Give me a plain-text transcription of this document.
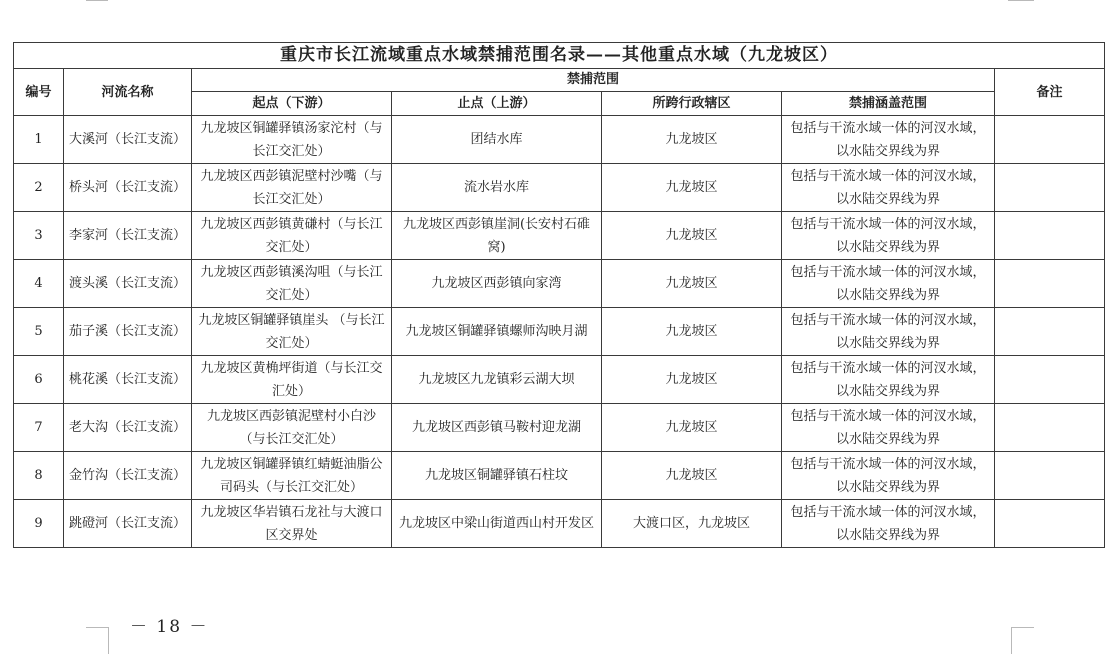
重庆市长江流域重点水域禁捕范围名录——其他重点水域（九龙坡区）						
编号	河流名称	禁捕范围				备注
		起点（下游）	止点（上游）	所跨行政辖区	禁捕涵盖范围	
1	大溪河（长江支流）	九龙坡区铜罐驿镇汤家沱村（与长江交汇处）	团结水库	九龙坡区	包括与干流水域一体的河汊水域，以水陆交界线为界	
2	桥头河（长江支流）	九龙坡区西彭镇泥壁村沙嘴（与长江交汇处）	流水岩水库	九龙坡区	包括与干流水域一体的河汊水域，以水陆交界线为界	
3	李家河（长江支流）	九龙坡区西彭镇黄磏村（与长江交汇处）	九龙坡区西彭镇崖洞(长安村石碓窝)	九龙坡区	包括与干流水域一体的河汊水域，以水陆交界线为界	
4	渡头溪（长江支流）	九龙坡区西彭镇溪沟咀（与长江交汇处）	九龙坡区西彭镇向家湾	九龙坡区	包括与干流水域一体的河汊水域，以水陆交界线为界	
5	茄子溪（长江支流）	九龙坡区铜罐驿镇崖头 （与长江交汇处）	九龙坡区铜罐驿镇螺师沟映月湖	九龙坡区	包括与干流水域一体的河汊水域，以水陆交界线为界	
6	桃花溪（长江支流）	九龙坡区黄桷坪街道（与长江交汇处）	九龙坡区九龙镇彩云湖大坝	九龙坡区	包括与干流水域一体的河汊水域，以水陆交界线为界	
7	老大沟（长江支流）	九龙坡区西彭镇泥壁村小白沙 （与长江交汇处）	九龙坡区西彭镇马鞍村迎龙湖	九龙坡区	包括与干流水域一体的河汊水域，以水陆交界线为界	
8	金竹沟（长江支流）	九龙坡区铜罐驿镇红蜻蜓油脂公司码头（与长江交汇处）	九龙坡区铜罐驿镇石柱坟	九龙坡区	包括与干流水域一体的河汊水域，以水陆交界线为界	
9	跳磴河（长江支流）	九龙坡区华岩镇石龙社与大渡口区交界处	九龙坡区中梁山街道西山村开发区	大渡口区，九龙坡区	包括与干流水域一体的河汊水域，以水陆交界线为界	
－ 18 －
